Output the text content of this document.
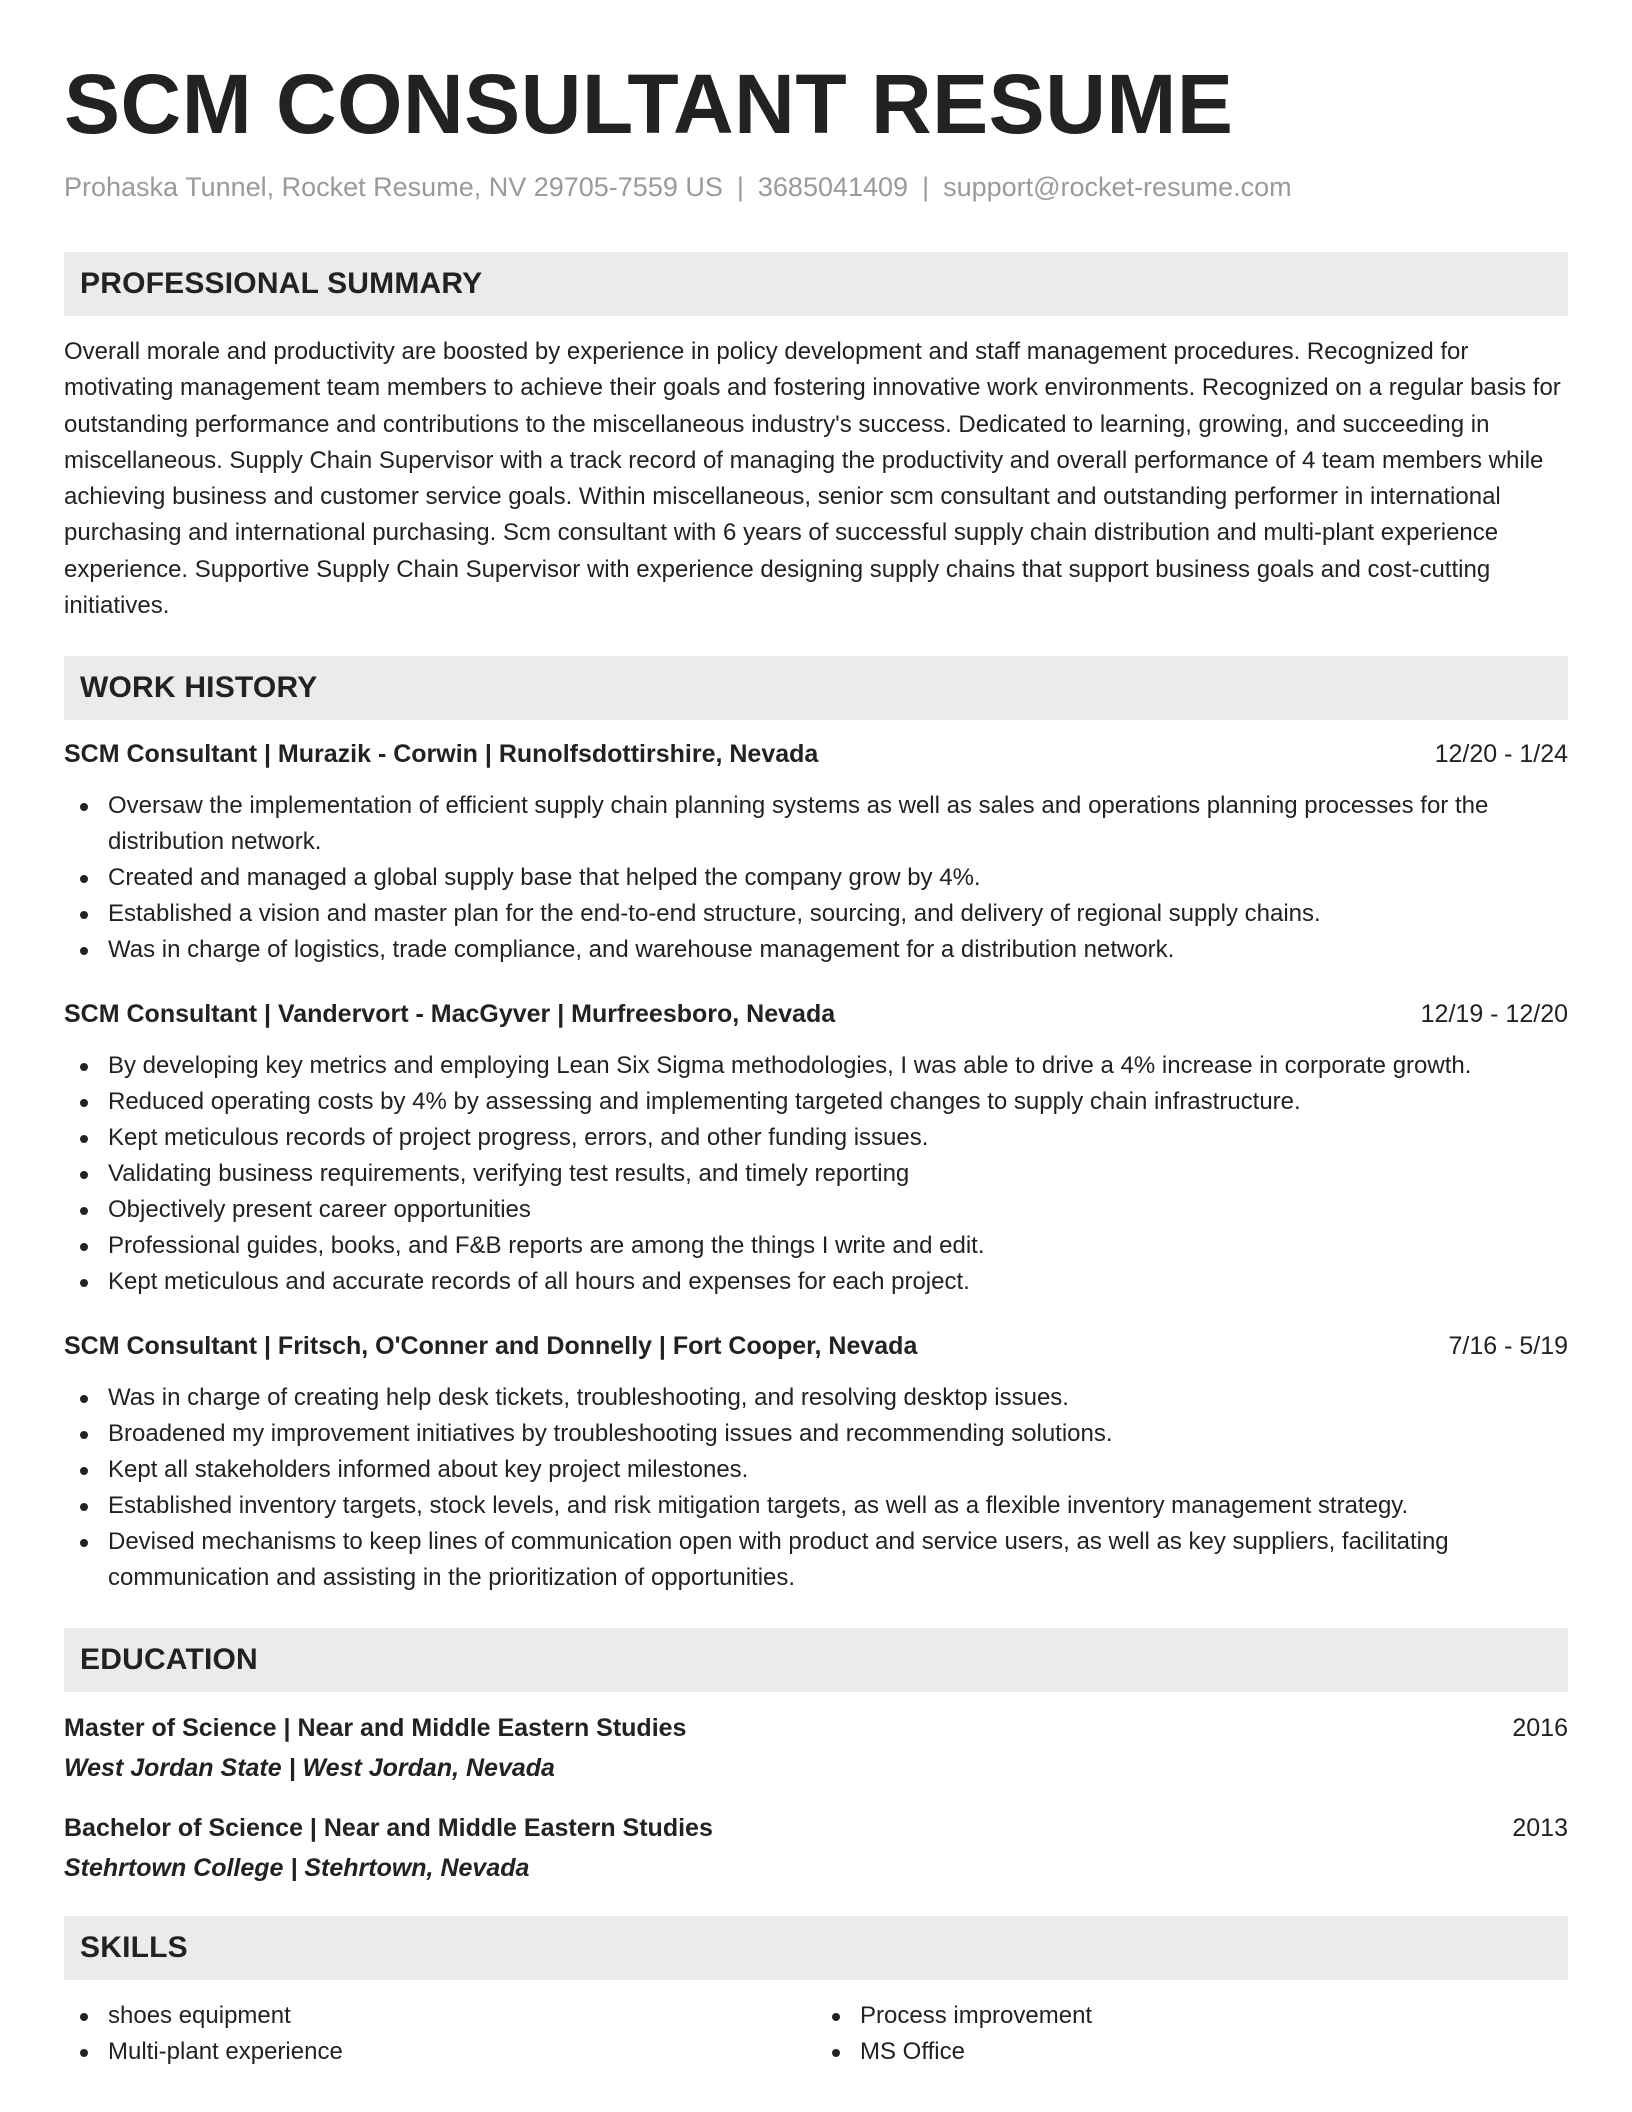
SCM CONSULTANT RESUME
Prohaska Tunnel, Rocket Resume, NV 29705-7559 US | 3685041409 | support@rocket-resume.com
PROFESSIONAL SUMMARY

Overall morale and productivity are boosted by experience in policy development and staff management procedures. Recognized for motivating management team members to achieve their goals and fostering innovative work environments. Recognized on a regular basis for outstanding performance and contributions to the miscellaneous industry's success. Dedicated to learning, growing, and succeeding in miscellaneous. Supply Chain Supervisor with a track record of managing the productivity and overall performance of 4 team members while achieving business and customer service goals. Within miscellaneous, senior scm consultant and outstanding performer in international purchasing and international purchasing. Scm consultant with 6 years of successful supply chain distribution and multi-plant experience experience. Supportive Supply Chain Supervisor with experience designing supply chains that support business goals and cost-cutting initiatives.

WORK HISTORY
SCM Consultant | Murazik - Corwin | Runolfsdottirshire, Nevada	12/20 - 1/24
Oversaw the implementation of efficient supply chain planning systems as well as sales and operations planning processes for the distribution network.
Created and managed a global supply base that helped the company grow by 4%.
Established a vision and master plan for the end-to-end structure, sourcing, and delivery of regional supply chains.
Was in charge of logistics, trade compliance, and warehouse management for a distribution network.
SCM Consultant | Vandervort - MacGyver | Murfreesboro, Nevada	12/19 - 12/20
By developing key metrics and employing Lean Six Sigma methodologies, I was able to drive a 4% increase in corporate growth.
Reduced operating costs by 4% by assessing and implementing targeted changes to supply chain infrastructure.
Kept meticulous records of project progress, errors, and other funding issues.
Validating business requirements, verifying test results, and timely reporting
Objectively present career opportunities
Professional guides, books, and F&B reports are among the things I write and edit.
Kept meticulous and accurate records of all hours and expenses for each project.
SCM Consultant | Fritsch, O'Conner and Donnelly | Fort Cooper, Nevada	7/16 - 5/19
Was in charge of creating help desk tickets, troubleshooting, and resolving desktop issues.
Broadened my improvement initiatives by troubleshooting issues and recommending solutions.
Kept all stakeholders informed about key project milestones.
Established inventory targets, stock levels, and risk mitigation targets, as well as a flexible inventory management strategy.
Devised mechanisms to keep lines of communication open with product and service users, as well as key suppliers, facilitating communication and assisting in the prioritization of opportunities.
EDUCATION
Master of Science | Near and Middle Eastern Studies	2016
West Jordan State | West Jordan, Nevada
Bachelor of Science | Near and Middle Eastern Studies	2013
Stehrtown College | Stehrtown, Nevada
SKILLS
shoes equipment
Multi-plant experience
Process improvement
MS Office
